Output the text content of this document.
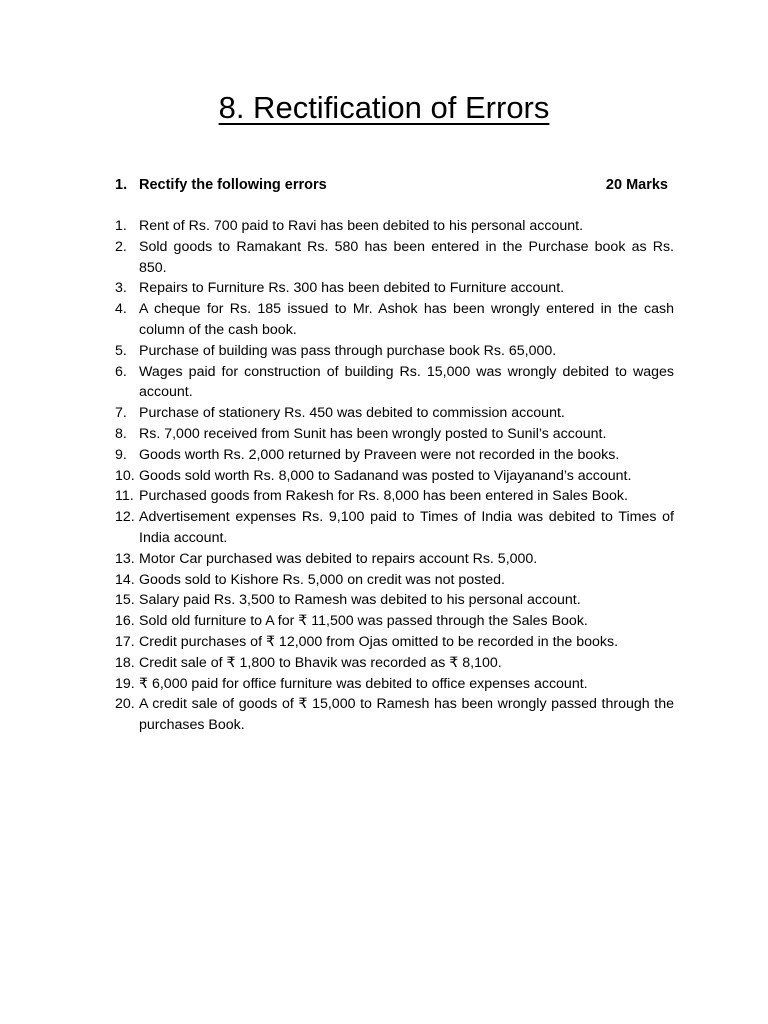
8. Rectification of Errors
1. Rectify the following errors	20 Marks
1. Rent of Rs. 700 paid to Ravi has been debited to his personal account.
2. Sold goods to Ramakant Rs. 580 has been entered in the Purchase book as Rs. 850.
3. Repairs to Furniture Rs. 300 has been debited to Furniture account.
4. A cheque for Rs. 185 issued to Mr. Ashok has been wrongly entered in the cash column of the cash book.
5. Purchase of building was pass through purchase book Rs. 65,000.
6. Wages paid for construction of building Rs. 15,000 was wrongly debited to wages account.
7. Purchase of stationery Rs. 450 was debited to commission account.
8. Rs. 7,000 received from Sunit has been wrongly posted to Sunil’s account.
9. Goods worth Rs. 2,000 returned by Praveen were not recorded in the books.
10. Goods sold worth Rs. 8,000 to Sadanand was posted to Vijayanand’s account.
11. Purchased goods from Rakesh for Rs. 8,000 has been entered in Sales Book.
12. Advertisement expenses Rs. 9,100 paid to Times of India was debited to Times of India account.
13. Motor Car purchased was debited to repairs account Rs. 5,000.
14. Goods sold to Kishore Rs. 5,000 on credit was not posted.
15. Salary paid Rs. 3,500 to Ramesh was debited to his personal account.
16. Sold old furniture to A for ₹ 11,500 was passed through the Sales Book.
17. Credit purchases of ₹ 12,000 from Ojas omitted to be recorded in the books.
18. Credit sale of ₹ 1,800 to Bhavik was recorded as ₹ 8,100.
19. ₹ 6,000 paid for office furniture was debited to office expenses account.
20. A credit sale of goods of ₹ 15,000 to Ramesh has been wrongly passed through the purchases Book.
